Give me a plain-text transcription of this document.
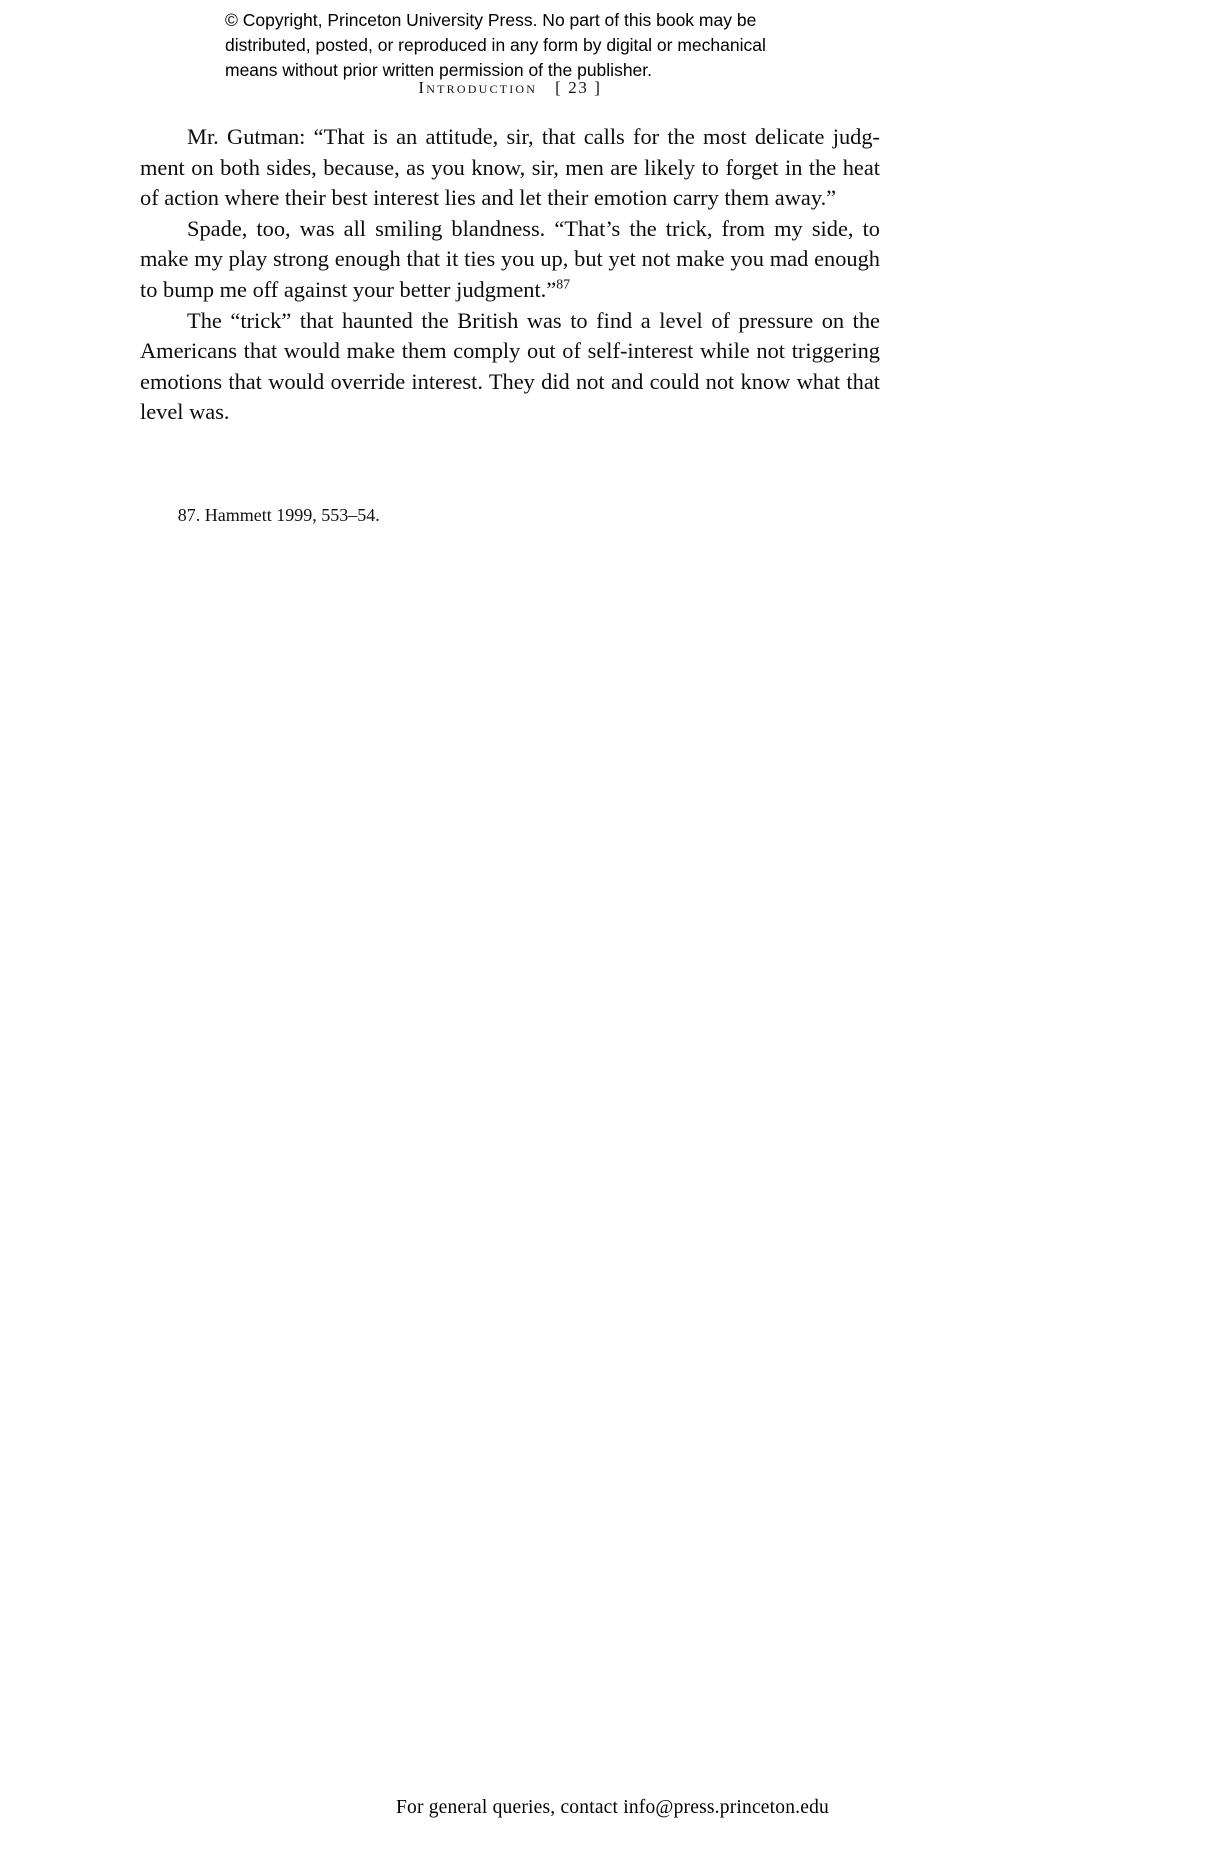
© Copyright, Princeton University Press. No part of this book may be distributed, posted, or reproduced in any form by digital or mechanical means without prior written permission of the publisher.
Introduction [ 23 ]

Mr. Gutman: “That is an attitude, sir, that calls for the most delicate judgment on both sides, because, as you know, sir, men are likely to forget in the heat of action where their best interest lies and let their emotion carry them away.”

Spade, too, was all smiling blandness. “That’s the trick, from my side, to make my play strong enough that it ties you up, but yet not make you mad enough to bump me off against your better judgment.”$^{87}$

The “trick” that haunted the British was to find a level of pressure on the Americans that would make them comply out of self-interest while not triggering emotions that would override interest. They did not and could not know what that level was.

87. Hammett 1999, 553–54.
For general queries, contact info@press.princeton.edu
